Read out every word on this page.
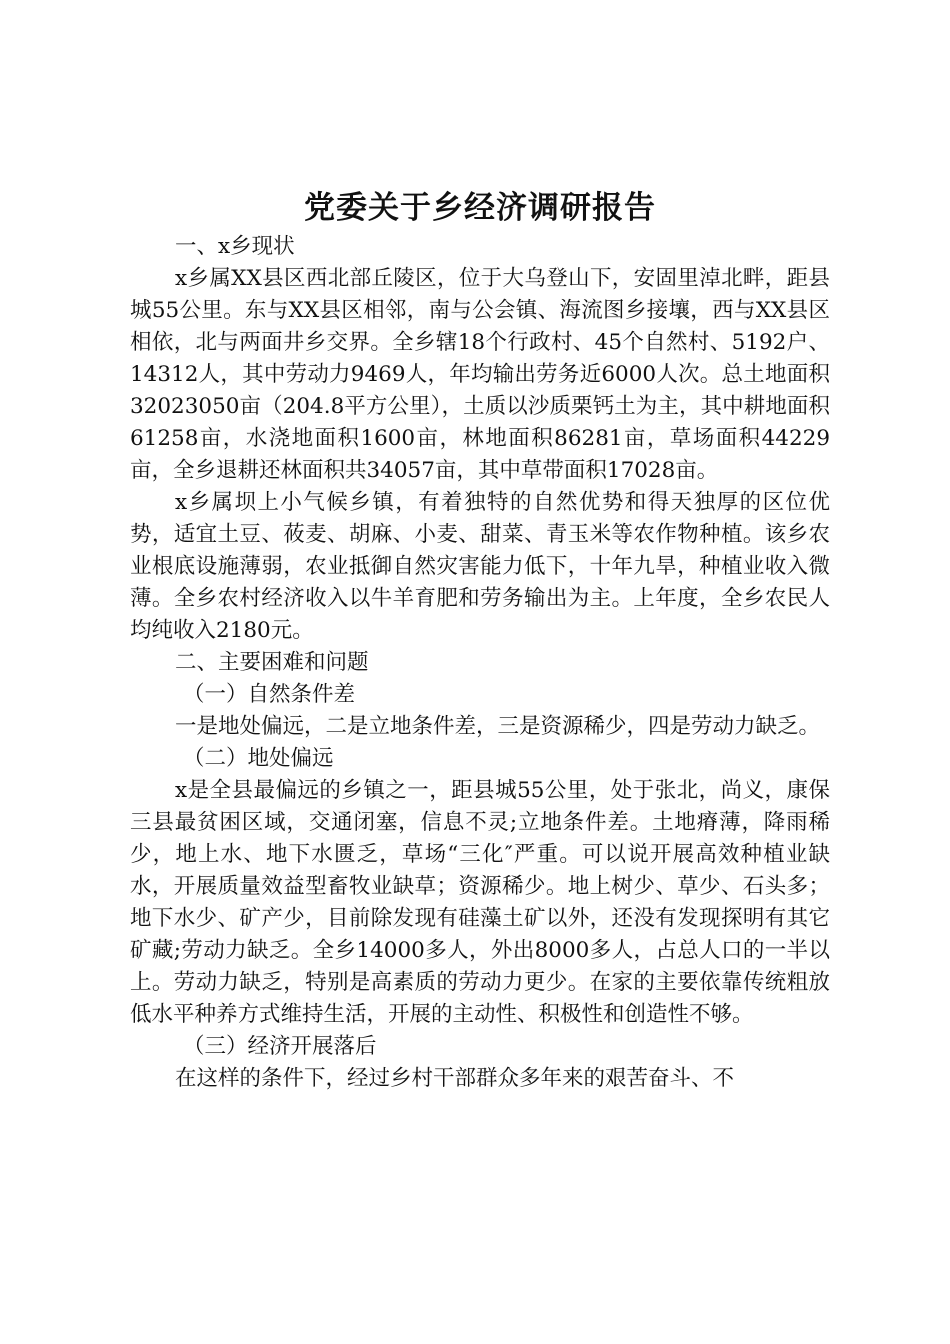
党委关于乡经济调研报告

一、x乡现状

x乡属XX县区西北部丘陵区，位于大乌登山下，安固里淖北畔，距县城55公里。东与XX县区相邻，南与公会镇、海流图乡接壤，西与XX县区相依，北与两面井乡交界。全乡辖18个行政村、45个自然村、5192户、14312人，其中劳动力9469人，年均输出劳务近6000人次。总土地面积32023050亩（204.8平方公里），土质以沙质栗钙土为主，其中耕地面积61258亩，水浇地面积1600亩，林地面积86281亩，草场面积44229亩，全乡退耕还林面积共34057亩，其中草带面积17028亩。

x乡属坝上小气候乡镇，有着独特的自然优势和得天独厚的区位优势，适宜土豆、莜麦、胡麻、小麦、甜菜、青玉米等农作物种植。该乡农业根底设施薄弱，农业抵御自然灾害能力低下，十年九旱，种植业收入微薄。全乡农村经济收入以牛羊育肥和劳务输出为主。上年度，全乡农民人均纯收入2180元。

二、主要困难和问题

（一）自然条件差

一是地处偏远，二是立地条件差，三是资源稀少，四是劳动力缺乏。

（二）地处偏远

x是全县最偏远的乡镇之一，距县城55公里，处于张北，尚义，康保三县最贫困区域，交通闭塞，信息不灵;立地条件差。土地瘠薄，降雨稀少，地上水、地下水匮乏，草场“三化″严重。可以说开展高效种植业缺水，开展质量效益型畜牧业缺草；资源稀少。地上树少、草少、石头多；地下水少、矿产少，目前除发现有硅藻土矿以外，还没有发现探明有其它矿藏;劳动力缺乏。全乡14000多人，外出8000多人，占总人口的一半以上。劳动力缺乏，特别是高素质的劳动力更少。在家的主要依靠传统粗放低水平种养方式维持生活，开展的主动性、积极性和创造性不够。

（三）经济开展落后

在这样的条件下，经过乡村干部群众多年来的艰苦奋斗、不
